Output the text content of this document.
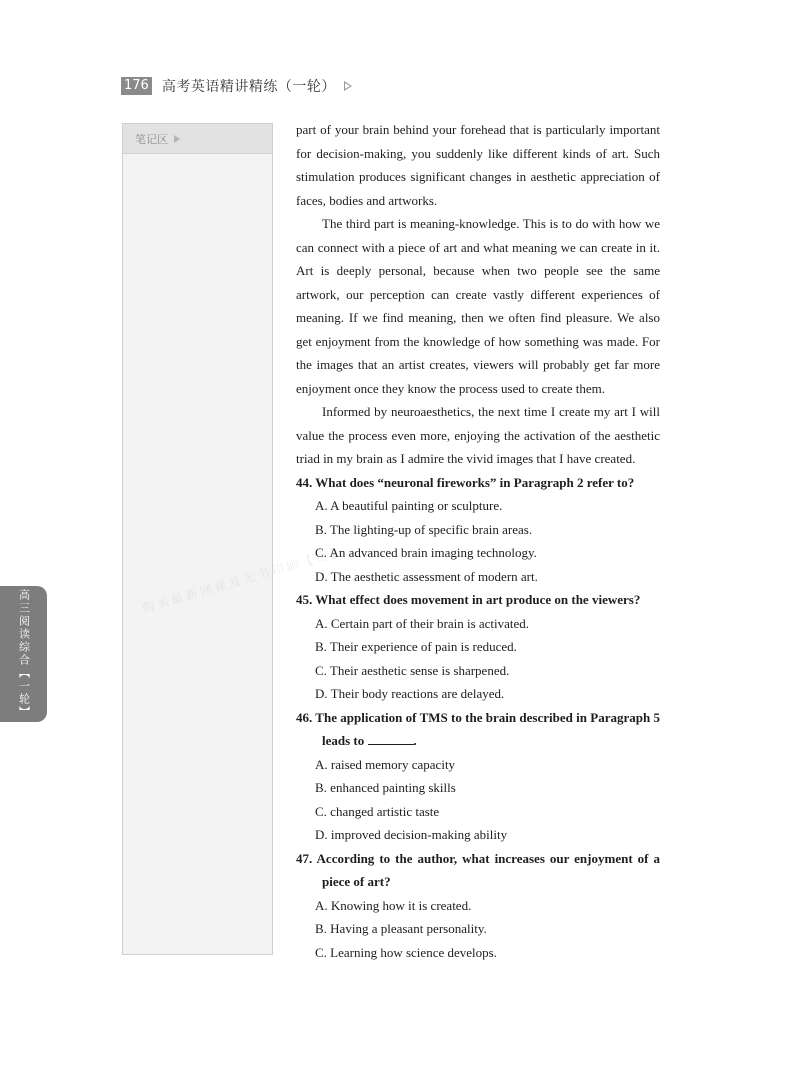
176 高考英语精讲精练（一轮）
笔记区
高三阅读综合【一轮】

part of your brain behind your forehead that is particularly important for decision-making, you suddenly like different kinds of art. Such stimulation produces significant changes in aesthetic appreciation of faces, bodies and artworks.

The third part is meaning-knowledge. This is to do with how we can connect with a piece of art and what meaning we can create in it. Art is deeply personal, because when two people see the same artwork, our perception can create vastly different experiences of meaning. If we find meaning, then we often find pleasure. We also get enjoyment from the knowledge of how something was made. For the images that an artist creates, viewers will probably get far more enjoyment once they know the process used to create them.

Informed by neuroaesthetics, the next time I create my art I will value the process even more, enjoying the activation of the aesthetic triad in my brain as I admire the vivid images that I have created.

44. What does “neuronal fireworks” in Paragraph 2 refer to?

A. A beautiful painting or sculpture.

B. The lighting-up of specific brain areas.

C. An advanced brain imaging technology.

D. The aesthetic assessment of modern art.

45. What effect does movement in art produce on the viewers?

A. Certain part of their brain is activated.

B. Their experience of pain is reduced.

C. Their aesthetic sense is sharpened.

D. Their body reactions are delayed.

46. The application of TMS to the brain described in Paragraph 5 leads to	.

A. raised memory capacity

B. enhanced painting skills

C. changed artistic taste

D. improved decision-making ability

47. According to the author, what increases our enjoyment of a piece of art?

A. Knowing how it is created.

B. Having a pleasant personality.

C. Learning how science develops.
